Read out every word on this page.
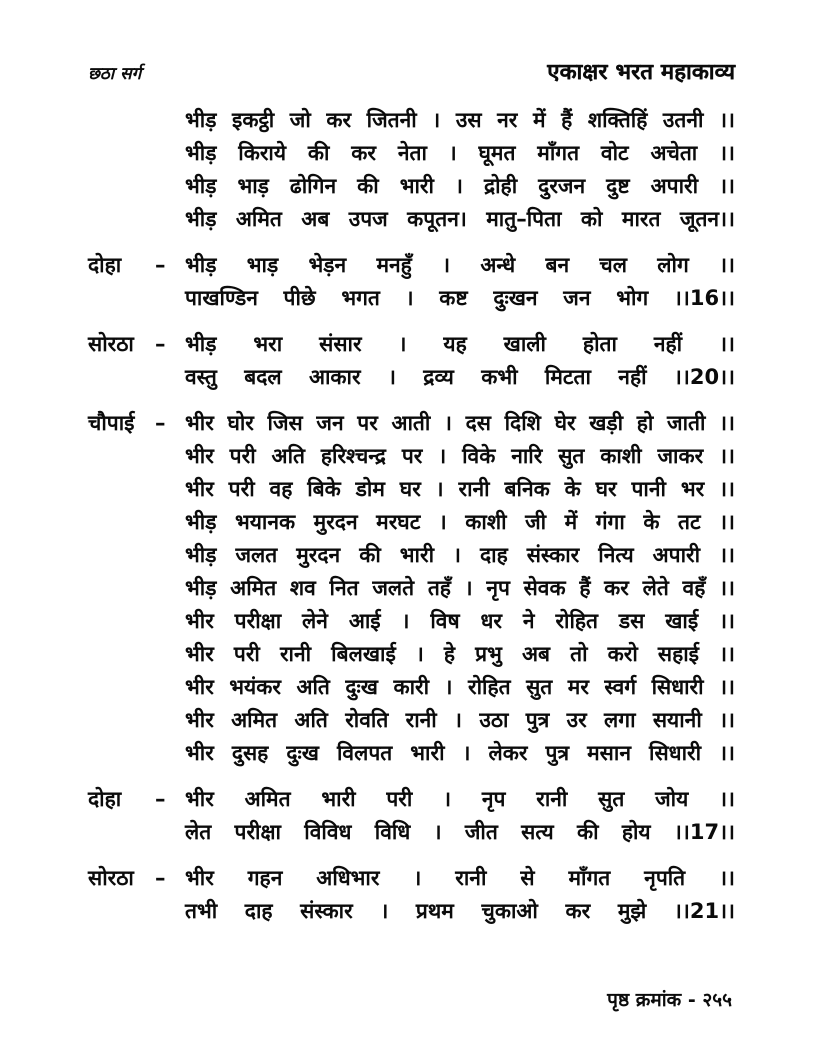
छठा सर्ग	एकाक्षर भरत महाकाव्य
भीड़ इकट्ठी जो कर जितनी । उस नर में हैं शक्तिहिं उतनी ।।
भीड़ किराये की कर नेता । घूमत माँगत वोट अचेता ।।
भीड़ भाड़ ढोगिन की भारी । द्रोही दुरजन दुष्ट अपारी ।।
भीड़ अमित अब उपज कपूतन। मातु–पिता को मारत जूतन।।
दोहा	– भीड़ भाड़ भेड़न मनहुँ । अन्धे बन चल लोग ।।
पाखण्डिन पीछे भगत । कष्ट दुःखन जन भोग ।।16।।
सोरठा	– भीड़ भरा संसार । यह खाली होता नहीं ।।
वस्तु बदल आकार । द्रव्य कभी मिटता नहीं ।।20।।
चौपाई – भीर घोर जिस जन पर आती । दस दिशि घेर खड़ी हो जाती ।।
भीर परी अति हरिश्चन्द्र पर । विके नारि सुत काशी जाकर ।।
भीर परी वह बिके डोम घर । रानी बनिक के घर पानी भर ।।
भीड़ भयानक मुरदन मरघट । काशी जी में गंगा के तट ।।
भीड़ जलत मुरदन की भारी । दाह संस्कार नित्य अपारी ।।
भीड़ अमित शव नित जलते तहँ । नृप सेवक हैं कर लेते वहँ ।।
भीर परीक्षा लेने आई । विष धर ने रोहित डस खाई ।।
भीर परी रानी बिलखाई । हे प्रभु अब तो करो सहाई ।।
भीर भयंकर अति दुःख कारी । रोहित सुत मर स्वर्ग सिधारी ।।
भीर अमित अति रोवति रानी । उठा पुत्र उर लगा सयानी ।।
भीर दुसह दुःख विलपत भारी । लेकर पुत्र मसान सिधारी ।।
दोहा	– भीर अमित भारी परी । नृप रानी सुत जोय ।।
लेत परीक्षा विविध विधि । जीत सत्य की होय ।।17।।
सोरठा	– भीर गहन अधिभार । रानी से माँगत नृपति ।।
तभी दाह संस्कार । प्रथम चुकाओ कर मुझे ।।21।।
पृष्ठ क्रमांक - २५५
